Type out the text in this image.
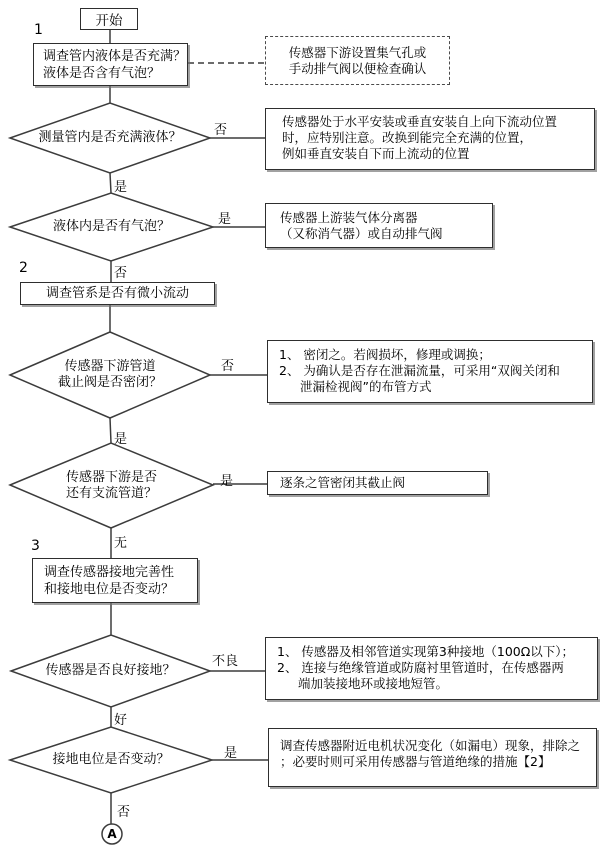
开始
1
2
3
调查管内液体是否充满？
液体是否含有气泡？
传感器下游设置集气孔或
手动排气阀以便检查确认
测量管内是否充满液体？
传感器处于水平安装或垂直安装自上向下流动位置
时，应特别注意。改换到能完全充满的位置，
例如垂直安装自下而上流动的位置
液体内是否有气泡？
传感器上游装气体分离器
（又称消气器）或自动排气阀
调查管系是否有微小流动
传感器下游管道
截止阀是否密闭？
1、 密闭之。若阀损坏，修理或调换；
2、 为确认是否存在泄漏流量，可采用“双阀关闭和
泄漏检视阀”的布管方式
传感器下游是否
还有支流管道？
逐条之管密闭其截止阀
调查传感器接地完善性
和接地电位是否变动？
传感器是否良好接地？
1、 传感器及相邻管道实现第3种接地（100Ω以下）；
2、 连接与绝缘管道或防腐衬里管道时，在传感器两
端加装接地环或接地短管。
接地电位是否变动？
调查传感器附近电机状况变化（如漏电）现象，排除之
；必要时则可采用传感器与管道绝缘的措施【2】
A
否
是
是
否
否
是
是
无
不良
好
是
否
